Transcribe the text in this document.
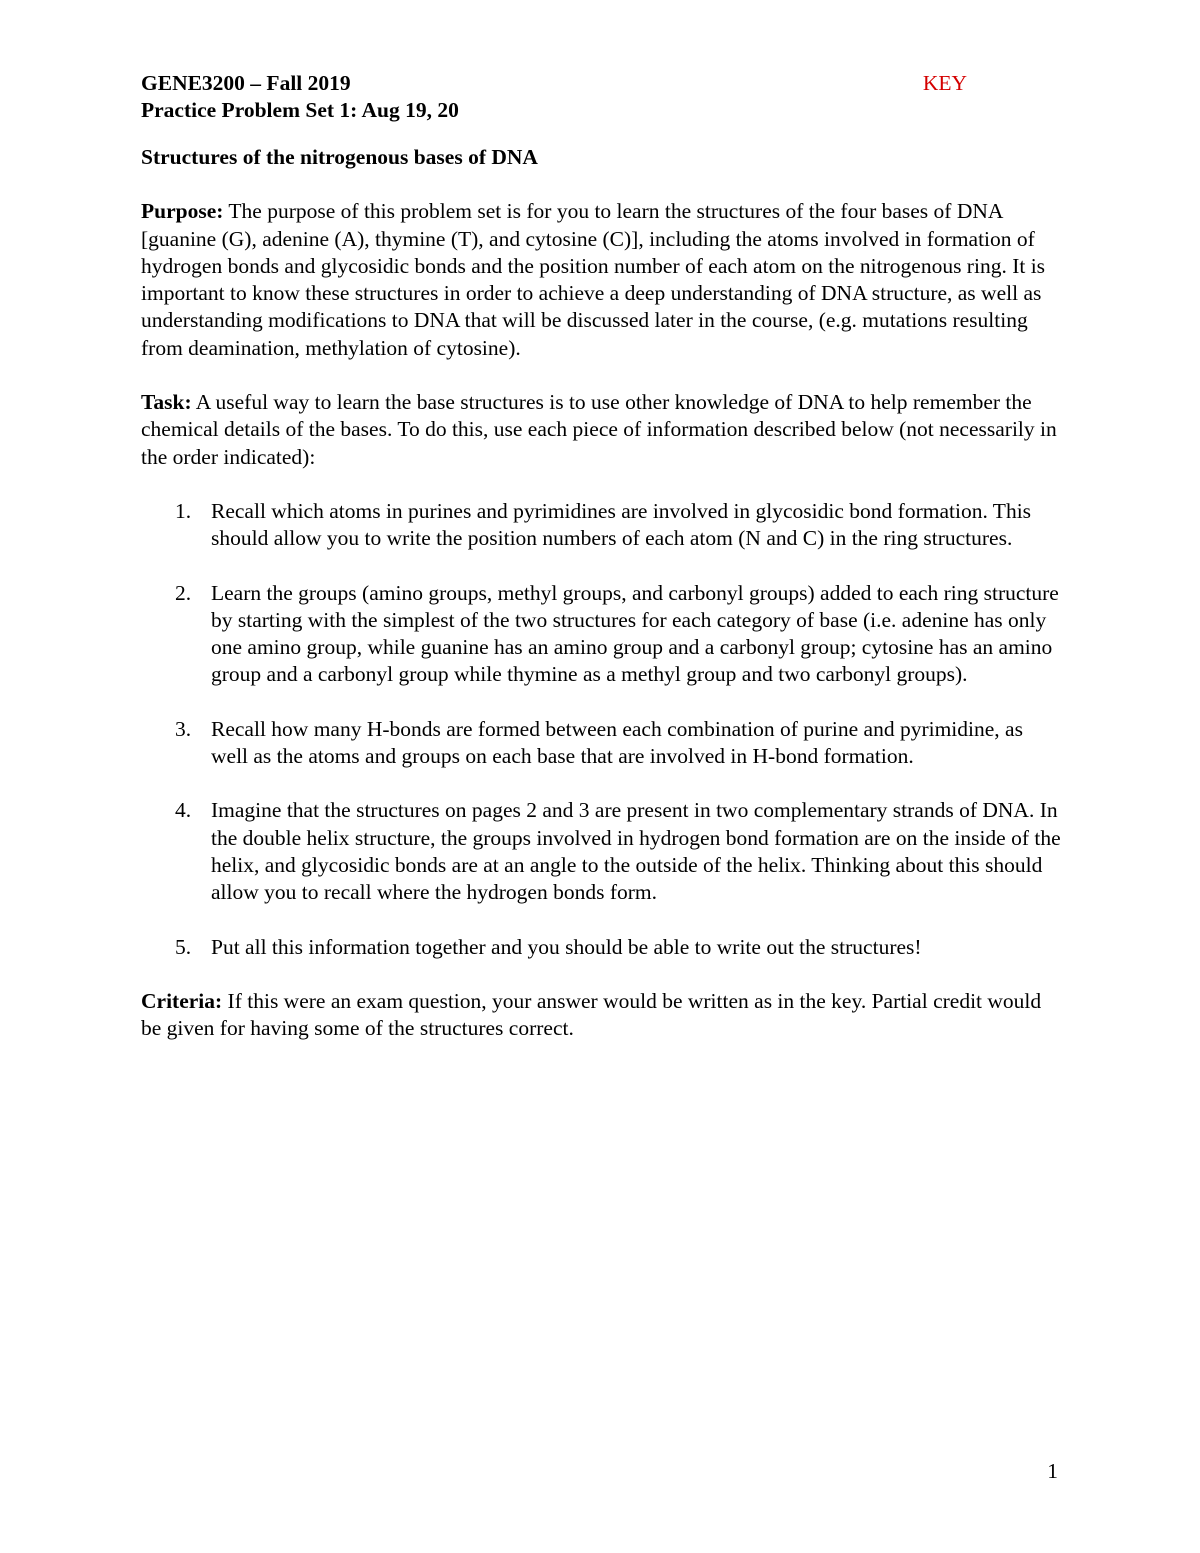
GENE3200 – Fall 2019
Practice Problem Set 1: Aug 19, 20
KEY

Structures of the nitrogenous bases of DNA

Purpose: The purpose of this problem set is for you to learn the structures of the four bases of DNA [guanine (G), adenine (A), thymine (T), and cytosine (C)], including the atoms involved in formation of hydrogen bonds and glycosidic bonds and the position number of each atom on the nitrogenous ring. It is important to know these structures in order to achieve a deep understanding of DNA structure, as well as understanding modifications to DNA that will be discussed later in the course, (e.g. mutations resulting from deamination, methylation of cytosine).

Task: A useful way to learn the base structures is to use other knowledge of DNA to help remember the chemical details of the bases. To do this, use each piece of information described below (not necessarily in the order indicated):

1. Recall which atoms in purines and pyrimidines are involved in glycosidic bond formation. This should allow you to write the position numbers of each atom (N and C) in the ring structures.
2. Learn the groups (amino groups, methyl groups, and carbonyl groups) added to each ring structure by starting with the simplest of the two structures for each category of base (i.e. adenine has only one amino group, while guanine has an amino group and a carbonyl group; cytosine has an amino group and a carbonyl group while thymine as a methyl group and two carbonyl groups).
3. Recall how many H-bonds are formed between each combination of purine and pyrimidine, as well as the atoms and groups on each base that are involved in H-bond formation.
4. Imagine that the structures on pages 2 and 3 are present in two complementary strands of DNA. In the double helix structure, the groups involved in hydrogen bond formation are on the inside of the helix, and glycosidic bonds are at an angle to the outside of the helix. Thinking about this should allow you to recall where the hydrogen bonds form.
5. Put all this information together and you should be able to write out the structures!

Criteria: If this were an exam question, your answer would be written as in the key. Partial credit would be given for having some of the structures correct.

1
